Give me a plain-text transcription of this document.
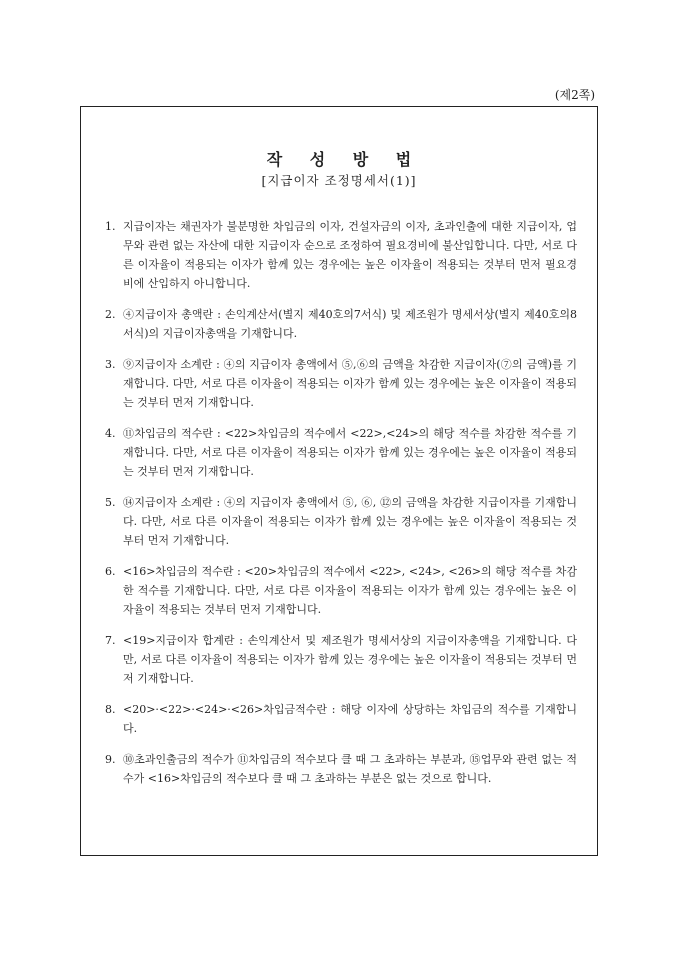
(제2쪽)
작 성 방 법
[지급이자 조정명세서(1)]
1. 지급이자는 채권자가 불분명한 차입금의 이자, 건설자금의 이자, 초과인출에 대한 지급이자, 업무와 관련 없는 자산에 대한 지급이자 순으로 조정하여 필요경비에 불산입합니다. 다만, 서로 다른 이자율이 적용되는 이자가 함께 있는 경우에는 높은 이자율이 적용되는 것부터 먼저 필요경비에 산입하지 아니합니다.
2. ④지급이자 총액란 : 손익계산서(별지 제40호의7서식) 및 제조원가 명세서상(별지 제40호의8서식)의 지급이자총액을 기재합니다.
3. ⑨지급이자 소계란 : ④의 지급이자 총액에서 ⑤,⑥의 금액을 차감한 지급이자(⑦의 금액)를 기재합니다. 다만, 서로 다른 이자율이 적용되는 이자가 함께 있는 경우에는 높은 이자율이 적용되는 것부터 먼저 기재합니다.
4. ⑪차입금의 적수란 : <22>차입금의 적수에서 <22>,<24>의 해당 적수를 차감한 적수를 기재합니다. 다만, 서로 다른 이자율이 적용되는 이자가 함께 있는 경우에는 높은 이자율이 적용되는 것부터 먼저 기재합니다.
5. ⑭지급이자 소계란 : ④의 지급이자 총액에서 ⑤, ⑥, ⑫의 금액을 차감한 지급이자를 기재합니다. 다만, 서로 다른 이자율이 적용되는 이자가 함께 있는 경우에는 높은 이자율이 적용되는 것부터 먼저 기재합니다.
6. <16>차입금의 적수란 : <20>차입금의 적수에서 <22>, <24>, <26>의 해당 적수를 차감한 적수를 기재합니다. 다만, 서로 다른 이자율이 적용되는 이자가 함께 있는 경우에는 높은 이자율이 적용되는 것부터 먼저 기재합니다.
7. <19>지급이자 합계란 : 손익계산서 및 제조원가 명세서상의 지급이자총액을 기재합니다. 다만, 서로 다른 이자율이 적용되는 이자가 함께 있는 경우에는 높은 이자율이 적용되는 것부터 먼저 기재합니다.
8. <20>·<22>·<24>·<26>차입금적수란 : 해당 이자에 상당하는 차입금의 적수를 기재합니다.
9. ⑩초과인출금의 적수가 ⑪차입금의 적수보다 클 때 그 초과하는 부분과, ⑮업무와 관련 없는 적수가 <16>차입금의 적수보다 클 때 그 초과하는 부분은 없는 것으로 합니다.
